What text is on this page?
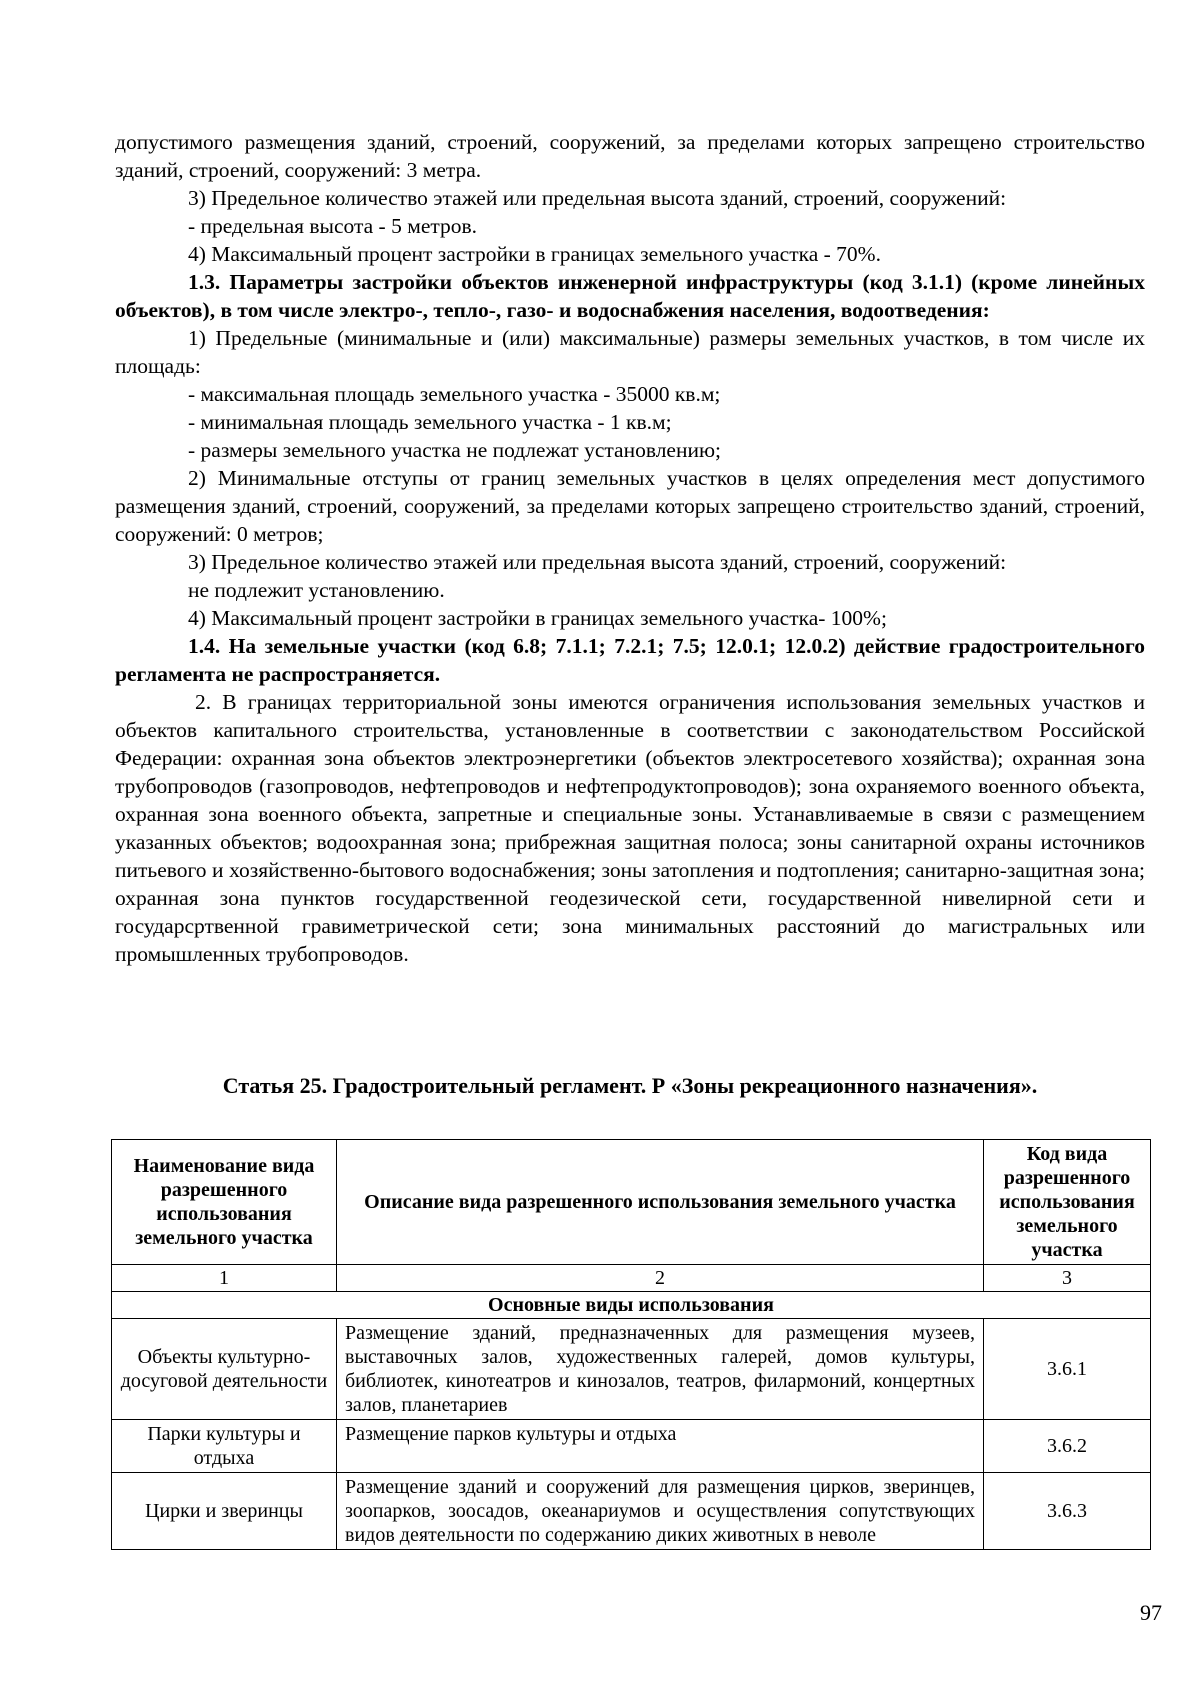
допустимого размещения зданий, строений, сооружений, за пределами которых запрещено строительство зданий, строений, сооружений: 3 метра.

3) Предельное количество этажей или предельная высота зданий, строений, сооружений:

- предельная высота - 5 метров.

4) Максимальный процент застройки в границах земельного участка - 70%.

1.3. Параметры застройки объектов инженерной инфраструктуры (код 3.1.1) (кроме линейных объектов), в том числе электро-, тепло-, газо- и водоснабжения населения, водоотведения:

1) Предельные (минимальные и (или) максимальные) размеры земельных участков, в том числе их площадь:

- максимальная площадь земельного участка - 35000 кв.м;

- минимальная площадь земельного участка - 1 кв.м;

- размеры земельного участка не подлежат установлению;

2) Минимальные отступы от границ земельных участков в целях определения мест допустимого размещения зданий, строений, сооружений, за пределами которых запрещено строительство зданий, строений, сооружений: 0 метров;

3) Предельное количество этажей или предельная высота зданий, строений, сооружений:

не подлежит установлению.

4) Максимальный процент застройки в границах земельного участка- 100%;

1.4. На земельные участки (код 6.8; 7.1.1; 7.2.1; 7.5; 12.0.1; 12.0.2) действие градостроительного регламента не распространяется.

2. В границах территориальной зоны имеются ограничения использования земельных участков и объектов капитального строительства, установленные в соответствии с законодательством Российской Федерации: охранная зона объектов электроэнергетики (объектов электросетевого хозяйства); охранная зона трубопроводов (газопроводов, нефтепроводов и нефтепродуктопроводов); зона охраняемого военного объекта, охранная зона военного объекта, запретные и специальные зоны. Устанавливаемые в связи с размещением указанных объектов; водоохранная зона; прибрежная защитная полоса; зоны санитарной охраны источников питьевого и хозяйственно-бытового водоснабжения; зоны затопления и подтопления; санитарно-защитная зона; охранная зона пунктов государственной геодезической сети, государственной нивелирной сети и государсртвенной гравиметрической сети; зона минимальных расстояний до магистральных или промышленных трубопроводов.

Статья 25. Градостроительный регламент. Р «Зоны рекреационного назначения».

Наименование вида разрешенного использования земельного участка	Описание вида разрешенного использования земельного участка	Код вида разрешенного использования земельного участка
1	2	3
Основные виды использования		
Объекты культурно-досуговой деятельности	Размещение зданий, предназначенных для размещения музеев, выставочных залов, художественных галерей, домов культуры, библиотек, кинотеатров и кинозалов, театров, филармоний, концертных залов, планетариев	3.6.1
Парки культуры и отдыха	Размещение парков культуры и отдыха	3.6.2
Цирки и зверинцы	Размещение зданий и сооружений для размещения цирков, зверинцев, зоопарков, зоосадов, океанариумов и осуществления сопутствующих видов деятельности по содержанию диких животных в неволе	3.6.3
97
